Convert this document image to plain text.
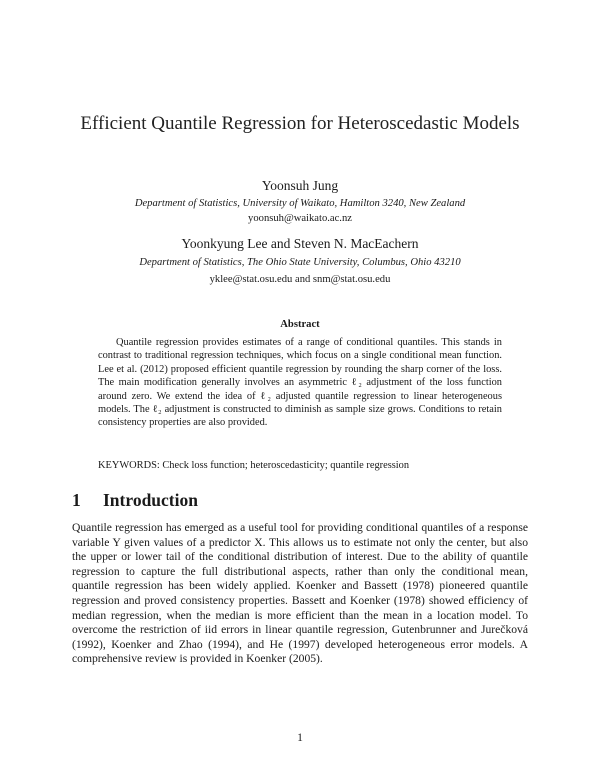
Efficient Quantile Regression for Heteroscedastic Models
Yoonsuh Jung
Department of Statistics, University of Waikato, Hamilton 3240, New Zealand
yoonsuh@waikato.ac.nz
Yoonkyung Lee and Steven N. MacEachern
Department of Statistics, The Ohio State University, Columbus, Ohio 43210
yklee@stat.osu.edu and snm@stat.osu.edu
Abstract
Quantile regression provides estimates of a range of conditional quantiles. This stands in contrast to traditional regression techniques, which focus on a single conditional mean function. Lee et al. (2012) proposed efficient quantile regression by rounding the sharp corner of the loss. The main modification generally involves an asymmetric ℓ₂ adjustment of the loss function around zero. We extend the idea of ℓ₂ adjusted quantile regression to linear heterogeneous models. The ℓ₂ adjustment is constructed to diminish as sample size grows. Conditions to retain consistency properties are also provided.
KEYWORDS: Check loss function; heteroscedasticity; quantile regression
1 Introduction
Quantile regression has emerged as a useful tool for providing conditional quantiles of a response variable Y given values of a predictor X. This allows us to estimate not only the center, but also the upper or lower tail of the conditional distribution of interest. Due to the ability of quantile regression to capture the full distributional aspects, rather than only the conditional mean, quantile regression has been widely applied. Koenker and Bassett (1978) pioneered quantile regression and proved consistency properties. Bassett and Koenker (1978) showed efficiency of median regression, when the median is more efficient than the mean in a location model. To overcome the restriction of iid errors in linear quantile regression, Gutenbrunner and Jurečková (1992), Koenker and Zhao (1994), and He (1997) developed heterogeneous error models. A comprehensive review is provided in Koenker (2005).
1
